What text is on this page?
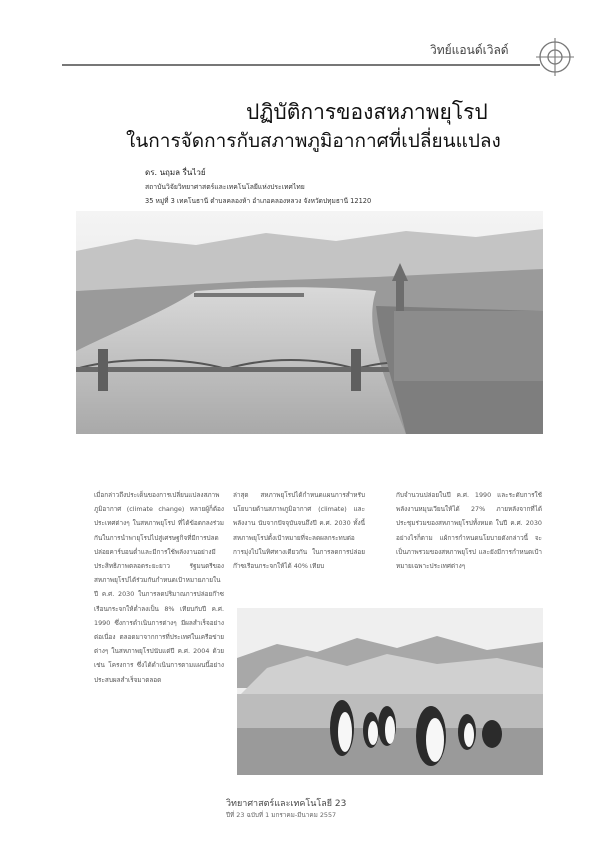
วิทย์แอนด์เวิลด์
ปฏิบัติการของสหภาพยุโรป
ในการจัดการกับสภาพภูมิอากาศที่เปลี่ยนแปลง
ดร. นฤมล รื่นไวย์
สถาบันวิจัยวิทยาศาสตร์และเทคโนโลยีแห่งประเทศไทย
35 หมู่ที่ 3 เทคโนธานี ตำบลคลองห้า อำเภอคลองหลวง จังหวัดปทุมธานี 12120

เมื่อกล่าวถึงประเด็นของการเปลี่ยนแปลงสภาพภูมิอากาศ (climate change) หลายผู้ก็ต้องประเทศต่างๆ ในสหภาพยุโรป ที่ได้ข้อตกลงร่วมกันในการนำพายุโรปไปสู่เศรษฐกิจที่มีการปลดปล่อยคาร์บอนต่ำและมีการใช้พลังงานอย่างมีประสิทธิภาพตลอดระยะยาว รัฐมนตรีของสหภาพยุโรปได้ร่วมกันกำหนดเป้าหมายภายในปี ค.ศ. 2030 ในการลดปริมาณการปล่อยก๊าซเรือนกระจกให้ต่ำลงเป็น 8% เทียบกับปี ค.ศ. 1990 ซึ่งการดำเนินการต่างๆ มีผลสำเร็จอย่างต่อเนื่อง ตลอดมาจากการที่ประเทศในเครือข่ายต่างๆ ในสหภาพยุโรปนับแต่ปี ค.ศ. 2004 ด้วย เช่น โครงการ ซึ่งได้ดำเนินการตามแผนนี้อย่างประสบผลสำเร็จมาตลอด

ล่าสุด สหภาพยุโรปได้กำหนดแผนการสำหรับนโยบายด้านสภาพภูมิอากาศ (climate) และพลังงาน นับจากปัจจุบันจนถึงปี ค.ศ. 2030 ทั้งนี้ สหภาพยุโรปตั้งเป้าหมายที่จะลดผลกระทบต่อการมุ่งไปในทิศทางเดียวกัน ในการลดการปล่อยก๊าซเรือนกระจกให้ได้ 40% เทียบ

กับจำนวนปล่อยในปี ค.ศ. 1990 และระดับการใช้พลังงานหมุนเวียนให้ได้ 27% ภายหลังจากที่ได้ประชุมร่วมของสหภาพยุโรปทั้งหมด ในปี ค.ศ. 2030 อย่างไรก็ตาม แผ้การกำหนดนโยบายดังกล่าวนี้ จะเป็นภาพรวมของสหภาพยุโรป และยังมีการกำหนดเป้าหมายเฉพาะประเทศต่างๆ

วิทยาศาสตร์และเทคโนโลยี 23
ปีที่ 23 ฉบับที่ 1 มกราคม-มีนาคม 2557
